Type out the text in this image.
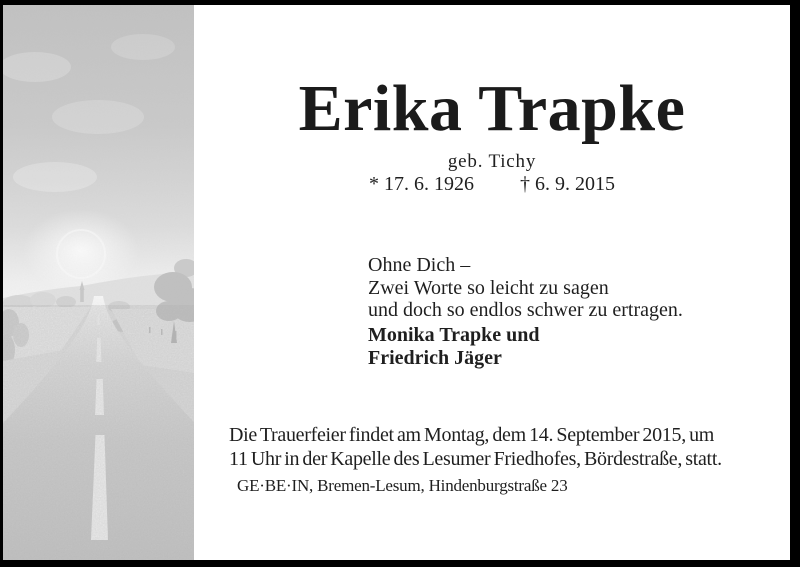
Erika Trapke
geb. Tichy
* 17. 6. 1926 † 6. 9. 2015
Ohne Dich –
Zwei Worte so leicht zu sagen
und doch so endlos schwer zu ertragen.
Monika Trapke und
Friedrich Jäger
Die Trauerfeier findet am Montag, dem 14. September 2015, um
11 Uhr in der Kapelle des Lesumer Friedhofes, Bördestraße, statt.
GE·BE·IN, Bremen-Lesum, Hindenburgstraße 23
